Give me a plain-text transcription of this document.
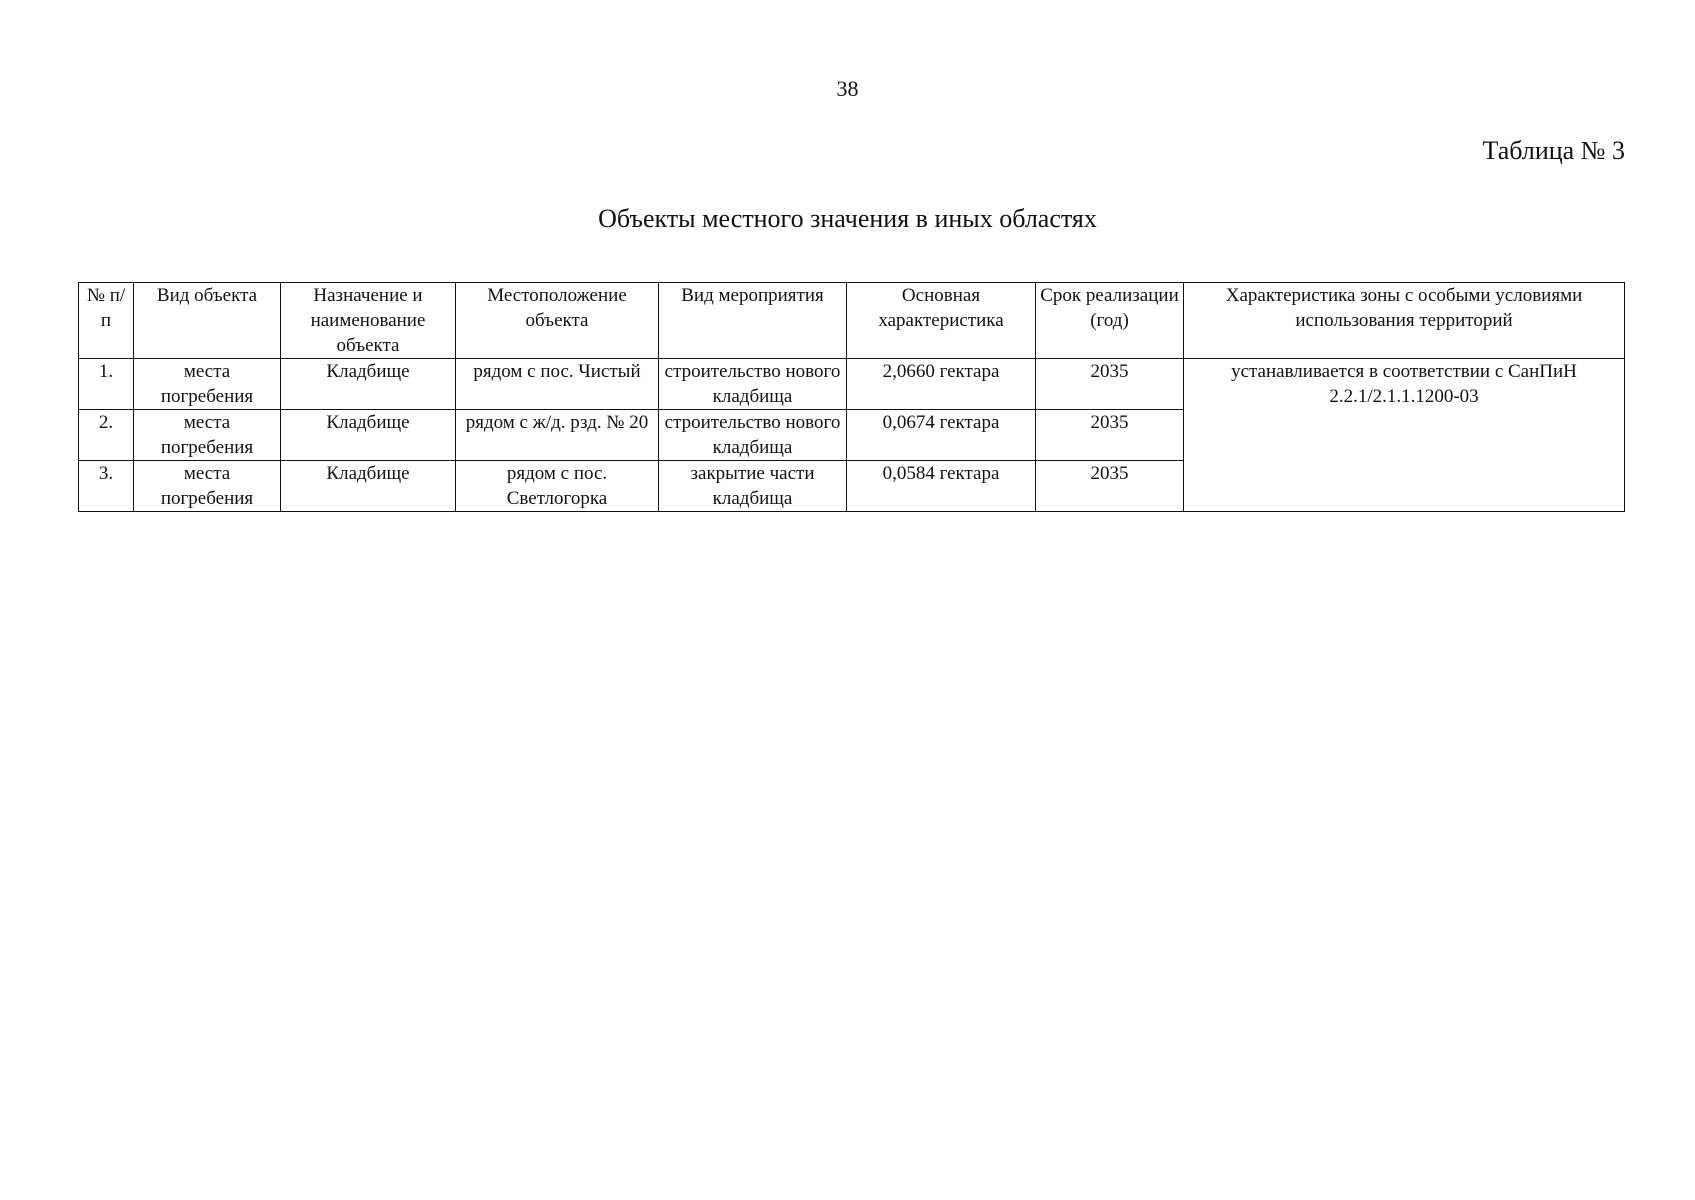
38
Таблица № 3
Объекты местного значения в иных областях
№ п/п	Вид объекта	Назначение и наименование объекта	Местоположение объекта	Вид мероприятия	Основная характеристика	Срок реализации (год)	Характеристика зоны с особыми условиями использования территорий
1.	места погребения	Кладбище	рядом с пос. Чистый	строительство нового кладбища	2,0660 гектара	2035	устанавливается в соответствии с СанПиН 2.2.1/2.1.1.1200-03
2.	места погребения	Кладбище	рядом с ж/д. рзд. № 20	строительство нового кладбища	0,0674 гектара	2035	
3.	места погребения	Кладбище	рядом с пос. Светлогорка	закрытие части кладбища	0,0584 гектара	2035	
